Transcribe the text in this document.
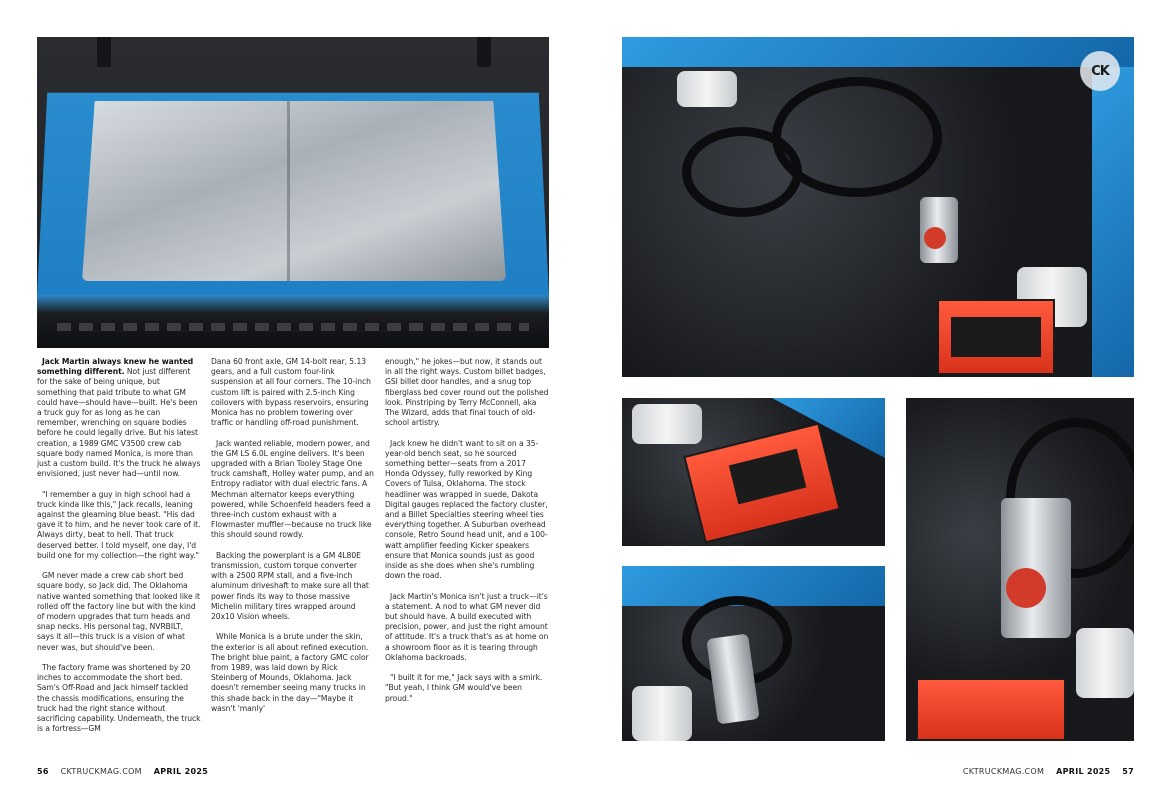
Jack Martin always knew he wanted something different. Not just different for the sake of being unique, but something that paid tribute to what GM could have—should have—built. He's been a truck guy for as long as he can remember, wrenching on square bodies before he could legally drive. But his latest creation, a 1989 GMC V3500 crew cab square body named Monica, is more than just a custom build. It's the truck he always envisioned, just never had—until now.

"I remember a guy in high school had a truck kinda like this," Jack recalls, leaning against the gleaming blue beast. "His dad gave it to him, and he never took care of it. Always dirty, beat to hell. That truck deserved better. I told myself, one day, I'd build one for my collection—the right way."

GM never made a crew cab short bed square body, so Jack did. The Oklahoma native wanted something that looked like it rolled off the factory line but with the kind of modern upgrades that turn heads and snap necks. His personal tag, NVRBILT, says it all—this truck is a vision of what never was, but should've been.

The factory frame was shortened by 20 inches to accommodate the short bed. Sam's Off-Road and Jack himself tackled the chassis modifications, ensuring the truck had the right stance without sacrificing capability. Underneath, the truck is a fortress—GM

Dana 60 front axle, GM 14-bolt rear, 5.13 gears, and a full custom four-link suspension at all four corners. The 10-inch custom lift is paired with 2.5-inch King coilovers with bypass reservoirs, ensuring Monica has no problem towering over traffic or handling off-road punishment.

Jack wanted reliable, modern power, and the GM LS 6.0L engine delivers. It's been upgraded with a Brian Tooley Stage One truck camshaft, Holley water pump, and an Entropy radiator with dual electric fans. A Mechman alternator keeps everything powered, while Schoenfeld headers feed a three-inch custom exhaust with a Flowmaster muffler—because no truck like this should sound rowdy.

Backing the powerplant is a GM 4L80E transmission, custom torque converter with a 2500 RPM stall, and a five-inch aluminum driveshaft to make sure all that power finds its way to those massive Michelin military tires wrapped around 20x10 Vision wheels.

While Monica is a brute under the skin, the exterior is all about refined execution. The bright blue paint, a factory GMC color from 1989, was laid down by Rick Steinberg of Mounds, Oklahoma. Jack doesn't remember seeing many trucks in this shade back in the day—"Maybe it wasn't 'manly'

enough," he jokes—but now, it stands out in all the right ways. Custom billet badges, GSI billet door handles, and a snug top fiberglass bed cover round out the polished look. Pinstriping by Terry McConnell, aka The Wizard, adds that final touch of old-school artistry.

Jack knew he didn't want to sit on a 35-year-old bench seat, so he sourced something better—seats from a 2017 Honda Odyssey, fully reworked by King Covers of Tulsa, Oklahoma. The stock headliner was wrapped in suede, Dakota Digital gauges replaced the factory cluster, and a Billet Specialties steering wheel ties everything together. A Suburban overhead console, Retro Sound head unit, and a 100-watt amplifier feeding Kicker speakers ensure that Monica sounds just as good inside as she does when she's rumbling down the road.

Jack Martin's Monica isn't just a truck—it's a statement. A nod to what GM never did but should have. A build executed with precision, power, and just the right amount of attitude. It's a truck that's as at home on a showroom floor as it is tearing through Oklahoma backroads.

"I built it for me," Jack says with a smirk. "But yeah, I think GM would've been proud."

56 CKTRUCKMAG.COM APRIL 2025
CK
CKTRUCKMAG.COM APRIL 2025 57
